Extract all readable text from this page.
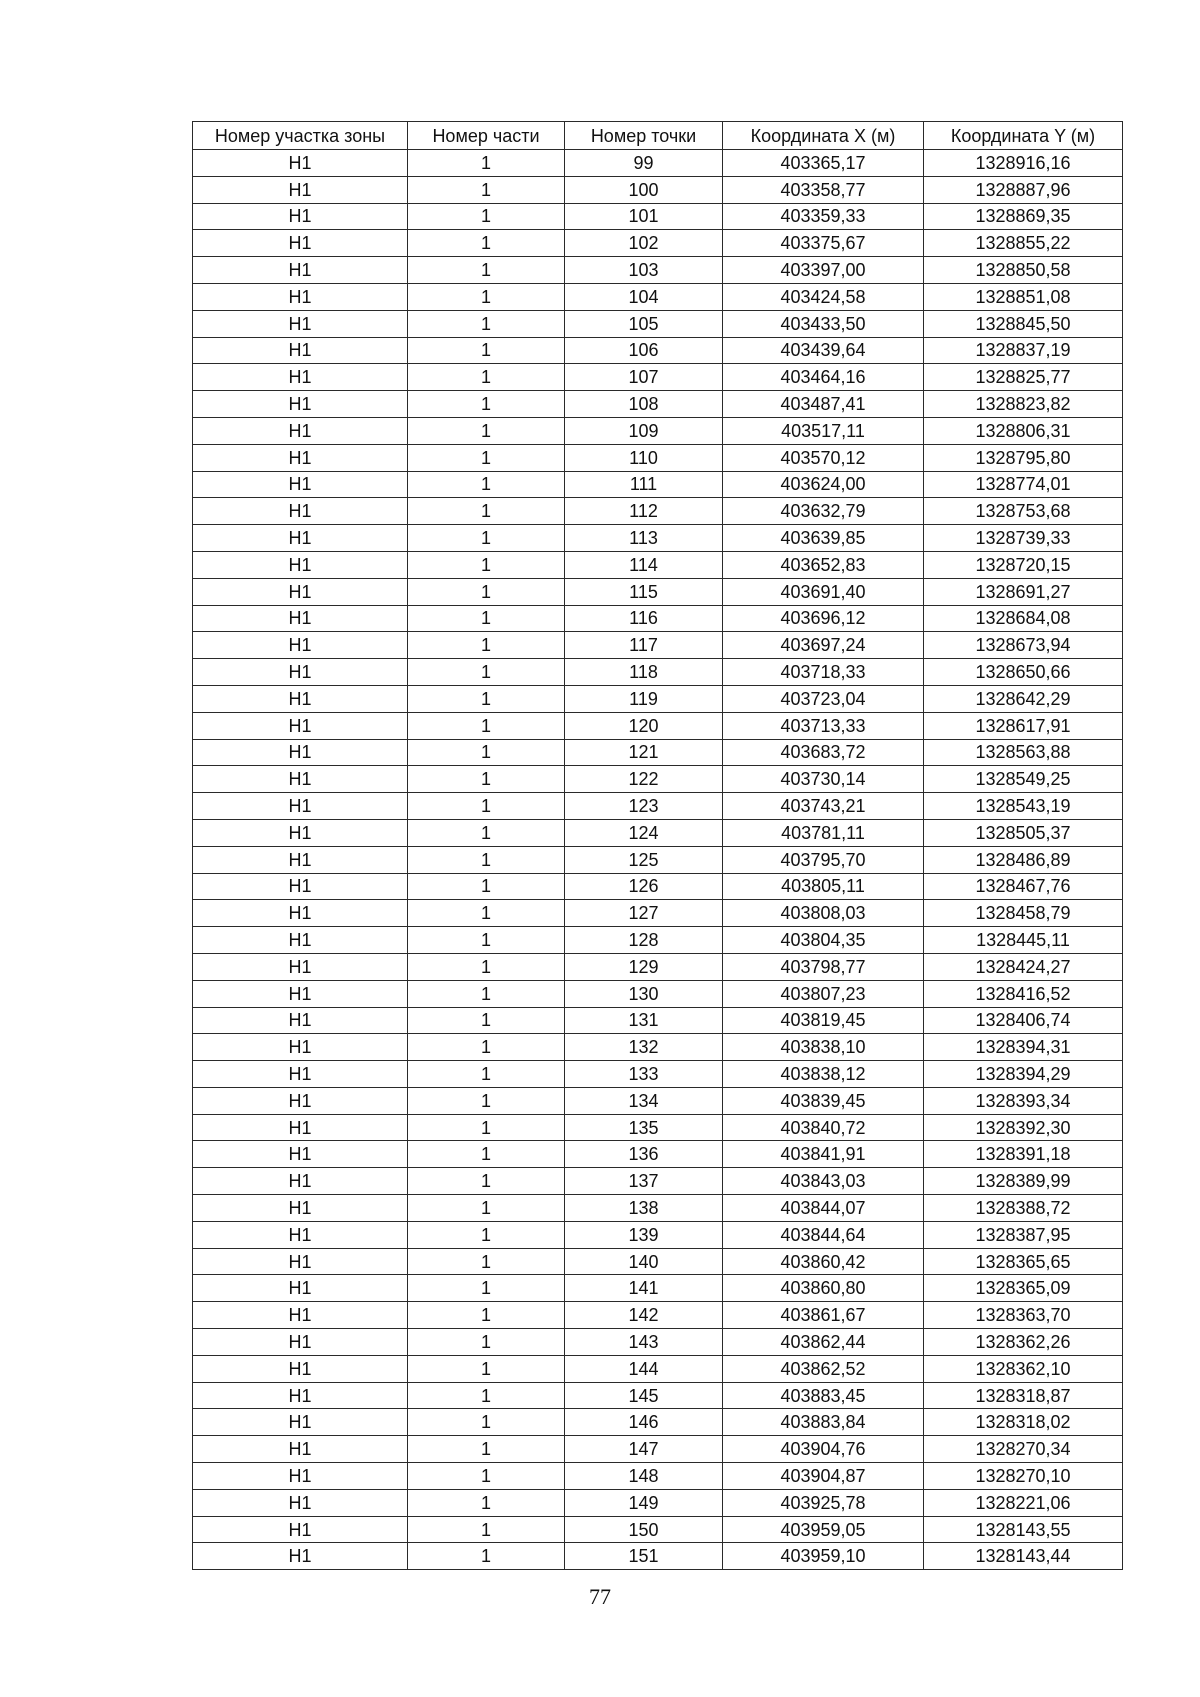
Номер участка зоны	Номер части	Номер точки	Координата X (м)	Координата Y (м)
Н1	1	99	403365,17	1328916,16
Н1	1	100	403358,77	1328887,96
Н1	1	101	403359,33	1328869,35
Н1	1	102	403375,67	1328855,22
Н1	1	103	403397,00	1328850,58
Н1	1	104	403424,58	1328851,08
Н1	1	105	403433,50	1328845,50
Н1	1	106	403439,64	1328837,19
Н1	1	107	403464,16	1328825,77
Н1	1	108	403487,41	1328823,82
Н1	1	109	403517,11	1328806,31
Н1	1	110	403570,12	1328795,80
Н1	1	111	403624,00	1328774,01
Н1	1	112	403632,79	1328753,68
Н1	1	113	403639,85	1328739,33
Н1	1	114	403652,83	1328720,15
Н1	1	115	403691,40	1328691,27
Н1	1	116	403696,12	1328684,08
Н1	1	117	403697,24	1328673,94
Н1	1	118	403718,33	1328650,66
Н1	1	119	403723,04	1328642,29
Н1	1	120	403713,33	1328617,91
Н1	1	121	403683,72	1328563,88
Н1	1	122	403730,14	1328549,25
Н1	1	123	403743,21	1328543,19
Н1	1	124	403781,11	1328505,37
Н1	1	125	403795,70	1328486,89
Н1	1	126	403805,11	1328467,76
Н1	1	127	403808,03	1328458,79
Н1	1	128	403804,35	1328445,11
Н1	1	129	403798,77	1328424,27
Н1	1	130	403807,23	1328416,52
Н1	1	131	403819,45	1328406,74
Н1	1	132	403838,10	1328394,31
Н1	1	133	403838,12	1328394,29
Н1	1	134	403839,45	1328393,34
Н1	1	135	403840,72	1328392,30
Н1	1	136	403841,91	1328391,18
Н1	1	137	403843,03	1328389,99
Н1	1	138	403844,07	1328388,72
Н1	1	139	403844,64	1328387,95
Н1	1	140	403860,42	1328365,65
Н1	1	141	403860,80	1328365,09
Н1	1	142	403861,67	1328363,70
Н1	1	143	403862,44	1328362,26
Н1	1	144	403862,52	1328362,10
Н1	1	145	403883,45	1328318,87
Н1	1	146	403883,84	1328318,02
Н1	1	147	403904,76	1328270,34
Н1	1	148	403904,87	1328270,10
Н1	1	149	403925,78	1328221,06
Н1	1	150	403959,05	1328143,55
Н1	1	151	403959,10	1328143,44
77
